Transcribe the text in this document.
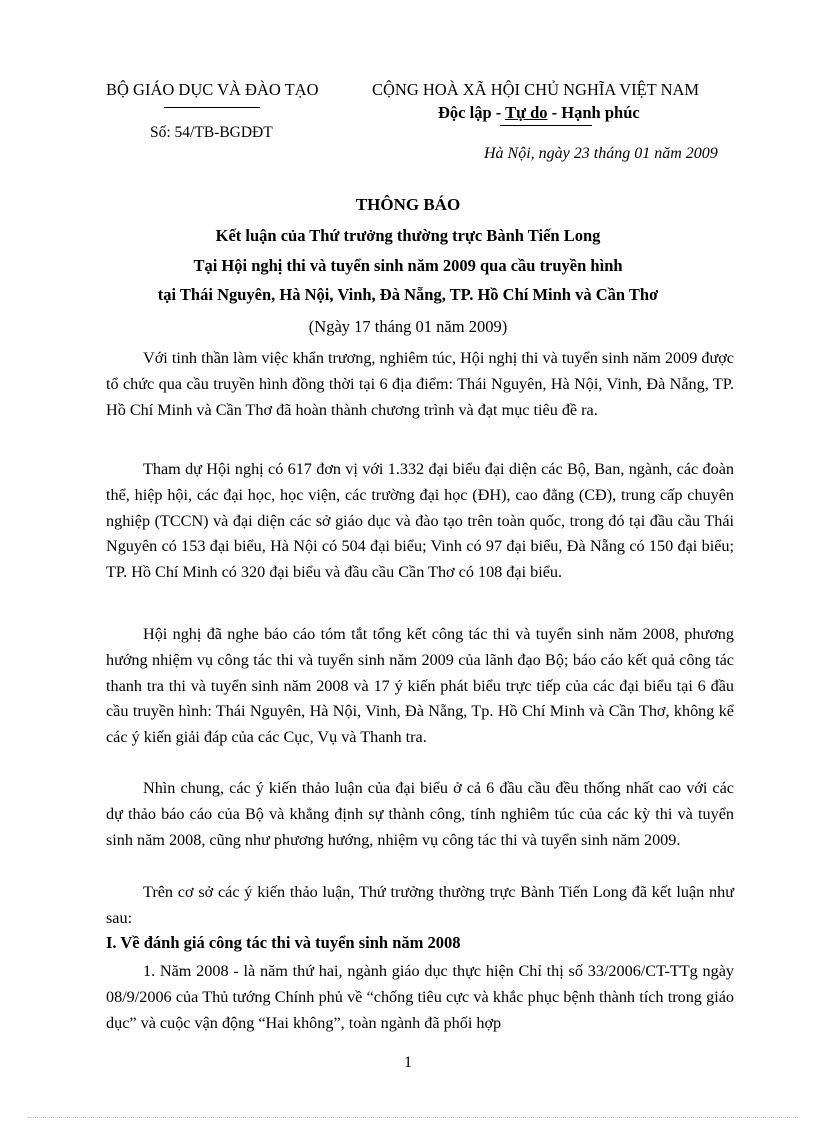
BỘ GIÁO DỤC VÀ ĐÀO TẠO
Số: 54/TB-BGDĐT
CỘNG HOÀ XÃ HỘI CHỦ NGHĨA VIỆT NAM
Độc lập - Tự do - Hạnh phúc
Hà Nội, ngày 23 tháng 01 năm 2009
THÔNG BÁO
Kết luận của Thứ trưởng thường trực Bành Tiến Long
Tại Hội nghị thi và tuyển sinh năm 2009 qua cầu truyền hình
tại Thái Nguyên, Hà Nội, Vinh, Đà Nẵng, TP. Hồ Chí Minh và Cần Thơ
(Ngày 17 tháng 01 năm 2009)

Với tinh thần làm việc khẩn trương, nghiêm túc, Hội nghị thi và tuyển sinh năm 2009 được tổ chức qua cầu truyền hình đồng thời tại 6 địa điểm: Thái Nguyên, Hà Nội, Vinh, Đà Nẵng, TP. Hồ Chí Minh và Cần Thơ đã hoàn thành chương trình và đạt mục tiêu đề ra.

Tham dự Hội nghị có 617 đơn vị với 1.332 đại biểu đại diện các Bộ, Ban, ngành, các đoàn thể, hiệp hội, các đại học, học viện, các trường đại học (ĐH), cao đẳng (CĐ), trung cấp chuyên nghiệp (TCCN) và đại diện các sở giáo dục và đào tạo trên toàn quốc, trong đó tại đầu cầu Thái Nguyên có 153 đại biểu, Hà Nội có 504 đại biểu; Vinh có 97 đại biểu, Đà Nẵng có 150 đại biểu; TP. Hồ Chí Minh có 320 đại biểu và đầu cầu Cần Thơ có 108 đại biểu.

Hội nghị đã nghe báo cáo tóm tắt tổng kết công tác thi và tuyển sinh năm 2008, phương hướng nhiệm vụ công tác thi và tuyển sinh năm 2009 của lãnh đạo Bộ; báo cáo kết quả công tác thanh tra thi và tuyển sinh năm 2008 và 17 ý kiến phát biểu trực tiếp của các đại biểu tại 6 đầu cầu truyền hình: Thái Nguyên, Hà Nội, Vinh, Đà Nẵng, Tp. Hồ Chí Minh và Cần Thơ, không kể các ý kiến giải đáp của các Cục, Vụ và Thanh tra.

Nhìn chung, các ý kiến thảo luận của đại biểu ở cả 6 đầu cầu đều thống nhất cao với các dự thảo báo cáo của Bộ và khẳng định sự thành công, tính nghiêm túc của các kỳ thi và tuyển sinh năm 2008, cũng như phương hướng, nhiệm vụ công tác thi và tuyển sinh năm 2009.

Trên cơ sở các ý kiến thảo luận, Thứ trưởng thường trực Bành Tiến Long đã kết luận như sau:

I. Về đánh giá công tác thi và tuyển sinh năm 2008

1. Năm 2008 - là năm thứ hai, ngành giáo dục thực hiện Chỉ thị số 33/2006/CT-TTg ngày 08/9/2006 của Thủ tướng Chính phủ về “chống tiêu cực và khắc phục bệnh thành tích trong giáo dục” và cuộc vận động “Hai không”, toàn ngành đã phối hợp

1
